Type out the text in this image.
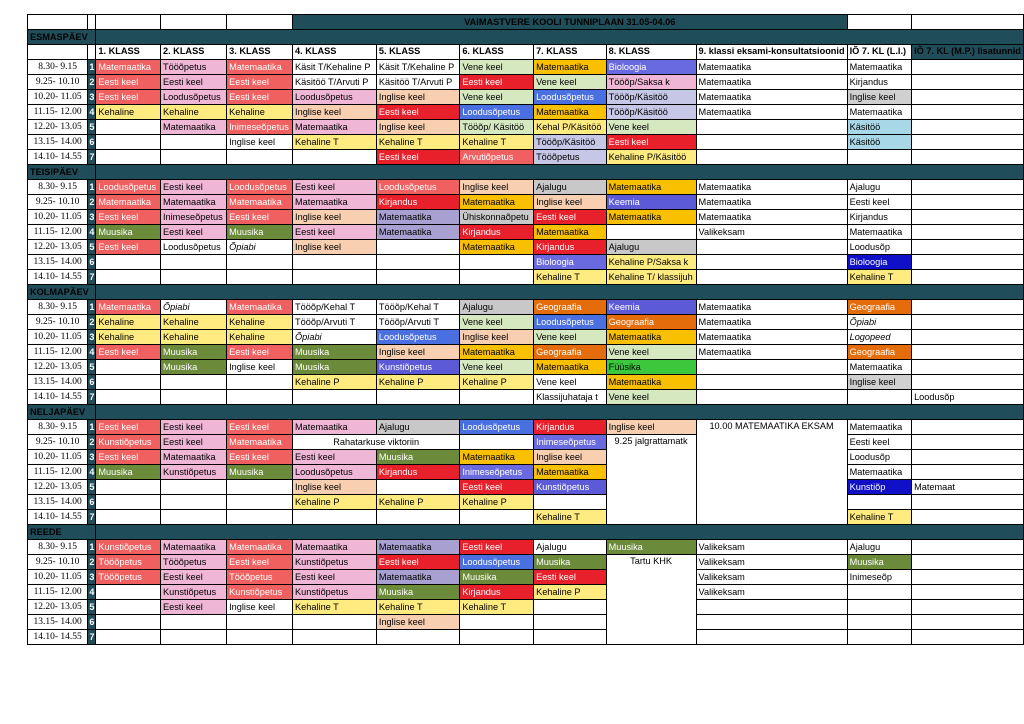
					VAIMASTVERE KOOLI TUNNIPLAAN 31.05-04.06							
ESMASPÄEV												
		1. KLASS	2. KLASS	3. KLASS	4. KLASS	5. KLASS	6. KLASS	7. KLASS	8. KLASS	9. klassi eksami-konsultatsioonid	IÕ 7. KL (L.I.)	IÕ 7. KL (M.P.) lisatunnid
8.30- 9.15	1	Matemaatika	Tööõpetus	Matemaatika	Käsit T/Kehaline P	Käsit T/Kehaline P	Vene keel	Matemaatika	Bioloogia	Matemaatika	Matemaatika	
9.25- 10.10	2	Eesti keel	Eesti keel	Eesti keel	Käsitöö T/Arvuti P	Käsitöö T/Arvuti P	Eesti keel	Vene keel	Tööõp/Saksa k	Matemaatika	Kirjandus	
10.20- 11.05	3	Eesti keel	Loodusõpetus	Eesti keel	Loodusõpetus	Inglise keel	Vene keel	Loodusõpetus	Tööõp/Käsitöö	Matemaatika	Inglise keel	
11.15- 12.00	4	Kehaline	Kehaline	Kehaline	Inglise keel	Eesti keel	Loodusõpetus	Matemaatika	Tööõp/Käsitöö	Matemaatika	Matemaatika	
12.20- 13.05	5		Matemaatika	Inimeseõpetus	Matemaatika	Inglise keel	Tööõp/ Käsitöö	Kehal P/Käsitöö	Vene keel		Käsitöö	
13.15- 14.00	6			Inglise keel	Kehaline T	Kehaline T	Kehaline T	Tööõp/Käsitöö	Eesti keel		Käsitöö	
14.10- 14.55	7					Eesti keel	Arvutiõpetus	Tööõpetus	Kehaline P/Käsitöö			
TEISIPÄEV												
8.30- 9.15	1	Loodusõpetus	Eesti keel	Loodusõpetus	Eesti keel	Loodusõpetus	Inglise keel	Ajalugu	Matemaatika	Matemaatika	Ajalugu	
9.25- 10.10	2	Matemaatika	Matemaatika	Matemaatika	Matemaatika	Kirjandus	Matemaatika	Inglise keel	Keemia	Matemaatika	Eesti keel	
10.20- 11.05	3	Eesti keel	Inimeseõpetus	Eesti keel	Inglise keel	Matemaatika	Ühiskonnaõpetu	Eesti keel	Matemaatika	Matemaatika	Kirjandus	
11.15- 12.00	4	Muusika	Eesti keel	Muusika	Eesti keel	Matemaatika	Kirjandus	Matemaatika		Valikeksam	Matemaatika	
12.20- 13.05	5	Eesti keel	Loodusõpetus	Õpiabi	Inglise keel		Matemaatika	Kirjandus	Ajalugu		Loodusõp	
13.15- 14.00	6							Bioloogia	Kehaline P/Saksa k		Bioloogia	
14.10- 14.55	7							Kehaline T	Kehaline T/ klassijuh		Kehaline T	
KOLMAPÄEV												
8.30- 9.15	1	Matemaatika	Õpiabi	Matemaatika	Tööõp/Kehal T	Tööõp/Kehal T	Ajalugu	Geograafia	Keemia	Matemaatika	Geograafia	
9.25- 10.10	2	Kehaline	Kehaline	Kehaline	Tööõp/Arvuti T	Tööõp/Arvuti T	Vene keel	Loodusõpetus	Geograafia	Matemaatika	Õpiabi	
10.20- 11.05	3	Kehaline	Kehaline	Kehaline	Õpiabi	Loodusõpetus	Inglise keel	Vene keel	Matemaatika	Matemaatika	Logopeed	
11.15- 12.00	4	Eesti keel	Muusika	Eesti keel	Muusika	Inglise keel	Matemaatika	Geograafia	Vene keel	Matemaatika	Geograafia	
12.20- 13.05	5		Muusika	Inglise keel	Muusika	Kunstiõpetus	Vene keel	Matemaatika	Füüsika		Matemaatika	
13.15- 14.00	6				Kehaline P	Kehaline P	Kehaline P	Vene keel	Matemaatika		Inglise keel	
14.10- 14.55	7							Klassijuhataja t	Vene keel			Loodusõp
NELJAPÄEV												
8.30- 9.15	1	Eesti keel	Eesti keel	Eesti keel	Matemaatika	Ajalugu	Loodusõpetus	Kirjandus	Inglise keel	10.00 MATEMAATIKA EKSAM	Matemaatika	
9.25- 10.10	2	Kunstiõpetus	Eesti keel	Matemaatika	Rahatarkuse viktoriin			Inimeseõpetus	9.25 jalgrattamatk		Eesti keel	
10.20- 11.05	3	Eesti keel	Matemaatika	Eesti keel	Eesti keel	Muusika	Matemaatika	Inglise keel			Loodusõp	
11.15- 12.00	4	Muusika	Kunstiõpetus	Muusika	Loodusõpetus	Kirjandus	Inimeseõpetus	Matemaatika			Matemaatika	
12.20- 13.05	5				Inglise keel		Eesti keel	Kunstiõpetus			Kunstiõp	Matemaat
13.15- 14.00	6				Kehaline P	Kehaline P	Kehaline P					
14.10- 14.55	7							Kehaline T			Kehaline T	
REEDE												
8.30- 9.15	1	Kunstiõpetus	Matemaatika	Matemaatika	Matemaatika	Matemaatika	Eesti keel	Ajalugu	Muusika	Valikeksam	Ajalugu	
9.25- 10.10	2	Tööõpetus	Tööõpetus	Eesti keel	Kunstiõpetus	Eesti keel	Loodusõpetus	Muusika	Tartu KHK	Valikeksam	Muusika	
10.20- 11.05	3	Tööõpetus	Eesti keel	Tööõpetus	Eesti keel	Matemaatika	Muusika	Eesti keel		Valikeksam	Inimeseõp	
11.15- 12.00	4		Kunstiõpetus	Kunstiõpetus	Kunstiõpetus	Muusika	Kirjandus	Kehaline P		Valikeksam		
12.20- 13.05	5		Eesti keel	Inglise keel	Kehaline T	Kehaline T	Kehaline T					
13.15- 14.00	6					Inglise keel						
14.10- 14.55	7											
